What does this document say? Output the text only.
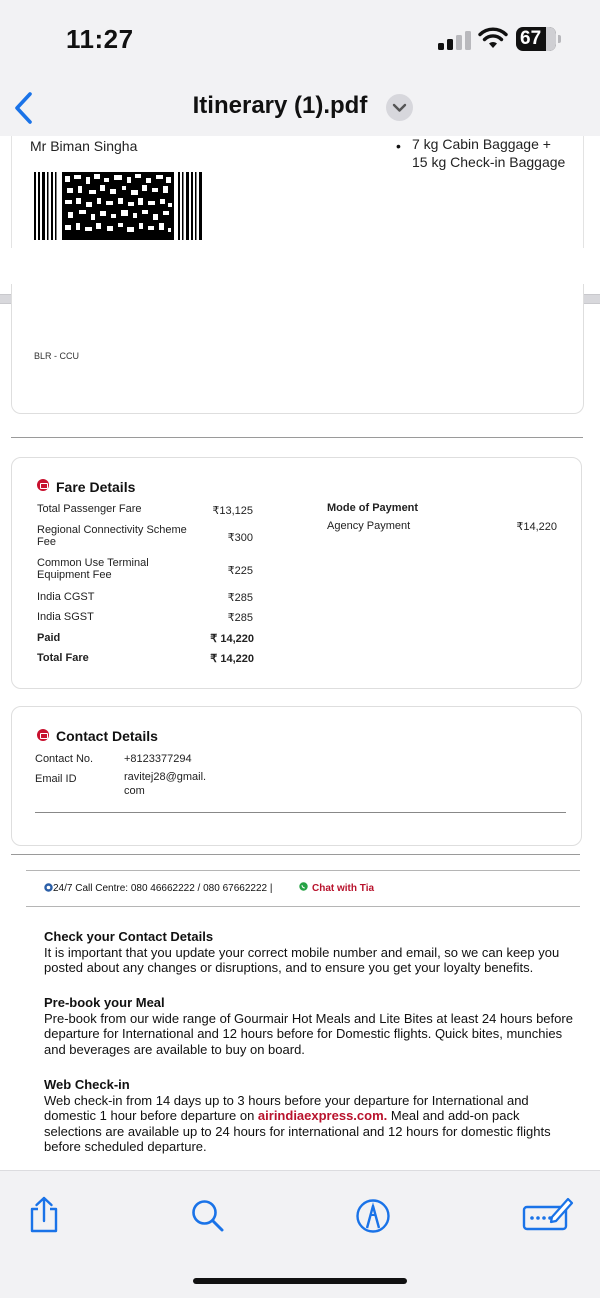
11:27	67
Itinerary (1).pdf
Mr Biman Singha	• 7 kg Cabin Baggage +
15 kg Check-in Baggage
BLR - CCU
Fare Details
Total Passenger Fare	₹13,125
Regional Connectivity Scheme Fee	₹300
Common Use Terminal Equipment Fee	₹225
India CGST	₹285
India SGST	₹285
Paid	₹ 14,220
Total Fare	₹ 14,220
Mode of Payment
Agency Payment	₹14,220
Contact Details
Contact No.	+8123377294
Email ID	ravitej28@gmail.
com
24/7 Call Centre: 080 46662222 / 080 67662222 |	Chat with Tia
Check your Contact Details
It is important that you update your correct mobile number and email, so we can keep you posted about any changes or disruptions, and to ensure you get your loyalty benefits.
Pre-book your Meal
Pre-book from our wide range of Gourmair Hot Meals and Lite Bites at least 24 hours before departure for International and 12 hours before for Domestic flights. Quick bites, munchies and beverages are available to buy on board.
Web Check-in
Web check-in from 14 days up to 3 hours before your departure for International and domestic 1 hour before departure on airindiaexpress.com. Meal and add-on pack selections are available up to 24 hours for international and 12 hours for domestic flights before scheduled departure.
